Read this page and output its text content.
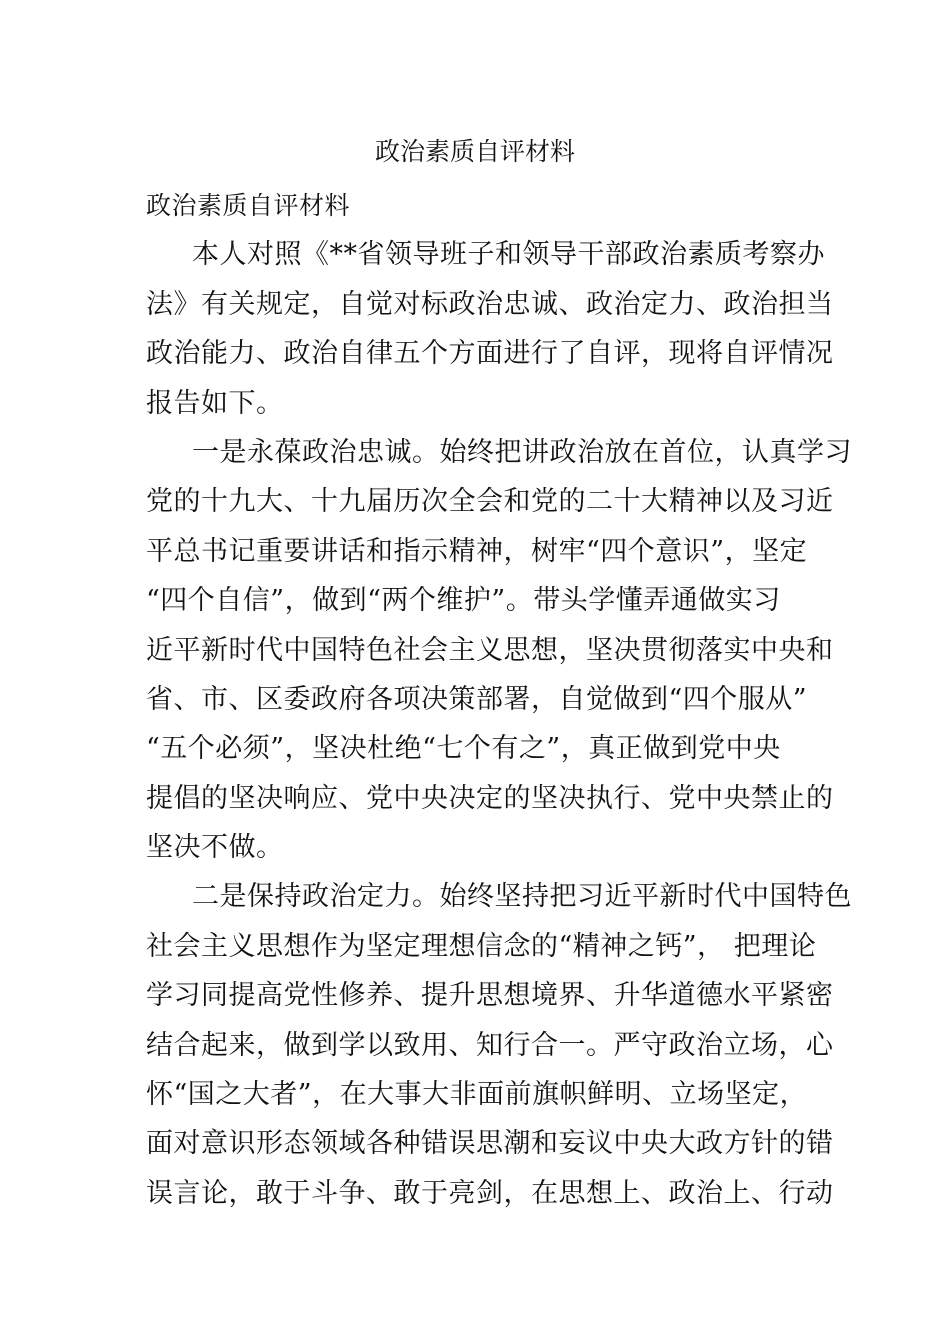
政治素质自评材料
政治素质自评材料
本人对照《**省领导班子和领导干部政治素质考察办
法》有关规定，自觉对标政治忠诚、政治定力、政治担当
政治能力、政治自律五个方面进行了自评，现将自评情况
报告如下。
一是永葆政治忠诚。始终把讲政治放在首位，认真学习
党的十九大、十九届历次全会和党的二十大精神以及习近
平总书记重要讲话和指示精神，树牢“四个意识”，坚定
“四个自信”，做到“两个维护”。带头学懂弄通做实习
近平新时代中国特色社会主义思想，坚决贯彻落实中央和
省、市、区委政府各项决策部署，自觉做到“四个服从”
“五个必须”，坚决杜绝“七个有之”，真正做到党中央
提倡的坚决响应、党中央决定的坚决执行、党中央禁止的
坚决不做。
二是保持政治定力。始终坚持把习近平新时代中国特色
社会主义思想作为坚定理想信念的“精神之钙”， 把理论
学习同提高党性修养、提升思想境界、升华道德水平紧密
结合起来，做到学以致用、知行合一。严守政治立场，心
怀“国之大者”，在大事大非面前旗帜鲜明、立场坚定，
面对意识形态领域各种错误思潮和妄议中央大政方针的错
误言论，敢于斗争、敢于亮剑，在思想上、政治上、行动
